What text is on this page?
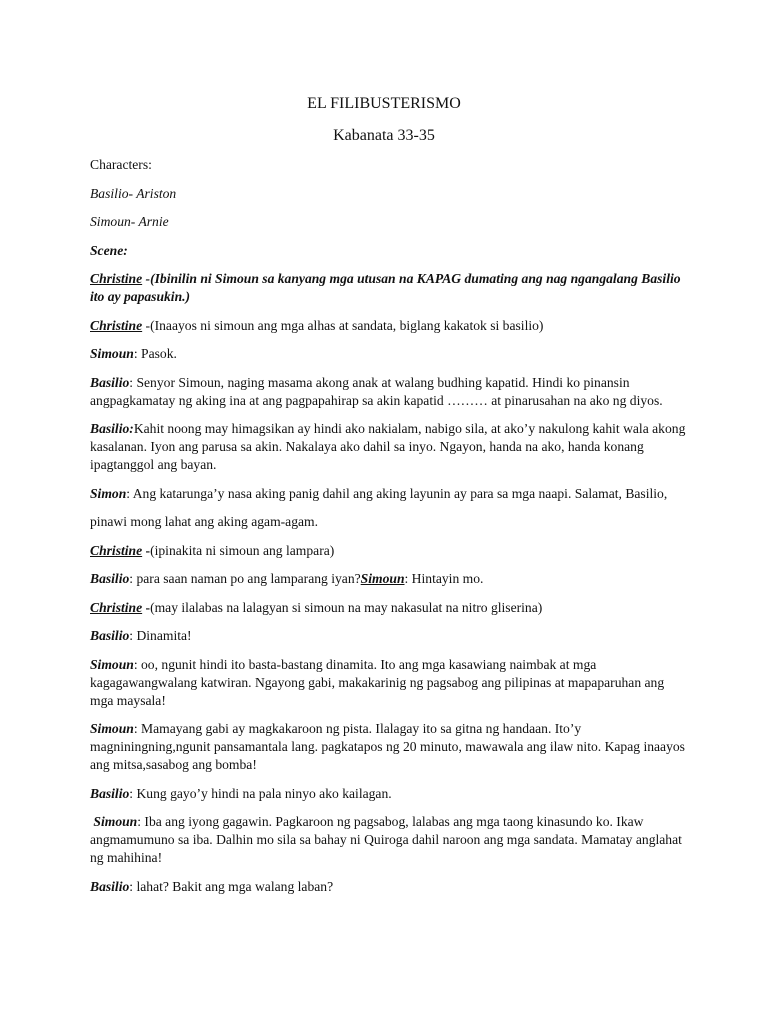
EL FILIBUSTERISMO
Kabanata 33-35

Characters:

Basilio- Ariston

Simoun- Arnie

Scene:

Christine -(Ibinilin ni Simoun sa kanyang mga utusan na KAPAG dumating ang nag ngangalang Basilio ito ay papasukin.)

Christine -(Inaayos ni simoun ang mga alhas at sandata, biglang kakatok si basilio)

Simoun: Pasok.

Basilio: Senyor Simoun, naging masama akong anak at walang budhing kapatid. Hindi ko pinansin angpagkamatay ng aking ina at ang pagpapahirap sa akin kapatid ……… at pinarusahan na ako ng diyos.

Basilio:Kahit noong may himagsikan ay hindi ako nakialam, nabigo sila, at ako’y nakulong kahit wala akong kasalanan. Iyon ang parusa sa akin. Nakalaya ako dahil sa inyo. Ngayon, handa na ako, handa konang ipagtanggol ang bayan.

Simon: Ang katarunga’y nasa aking panig dahil ang aking layunin ay para sa mga naapi. Salamat, Basilio,

pinawi mong lahat ang aking agam-agam.

Christine -(ipinakita ni simoun ang lampara)

Basilio: para saan naman po ang lamparang iyan?Simoun: Hintayin mo.

Christine -(may ilalabas na lalagyan si simoun na may nakasulat na nitro gliserina)

Basilio: Dinamita!

Simoun: oo, ngunit hindi ito basta-bastang dinamita. Ito ang mga kasawiang naimbak at mga kagagawangwalang katwiran. Ngayong gabi, makakarinig ng pagsabog ang pilipinas at mapaparuhan ang mga maysala!

Simoun: Mamayang gabi ay magkakaroon ng pista. Ilalagay ito sa gitna ng handaan. Ito’y magniningning,ngunit pansamantala lang. pagkatapos ng 20 minuto, mawawala ang ilaw nito. Kapag inaayos ang mitsa,sasabog ang bomba!

Basilio: Kung gayo’y hindi na pala ninyo ako kailagan.

Simoun: Iba ang iyong gagawin. Pagkaroon ng pagsabog, lalabas ang mga taong kinasundo ko. Ikaw angmamumuno sa iba. Dalhin mo sila sa bahay ni Quiroga dahil naroon ang mga sandata. Mamatay anglahat ng mahihina!

Basilio: lahat? Bakit ang mga walang laban?
